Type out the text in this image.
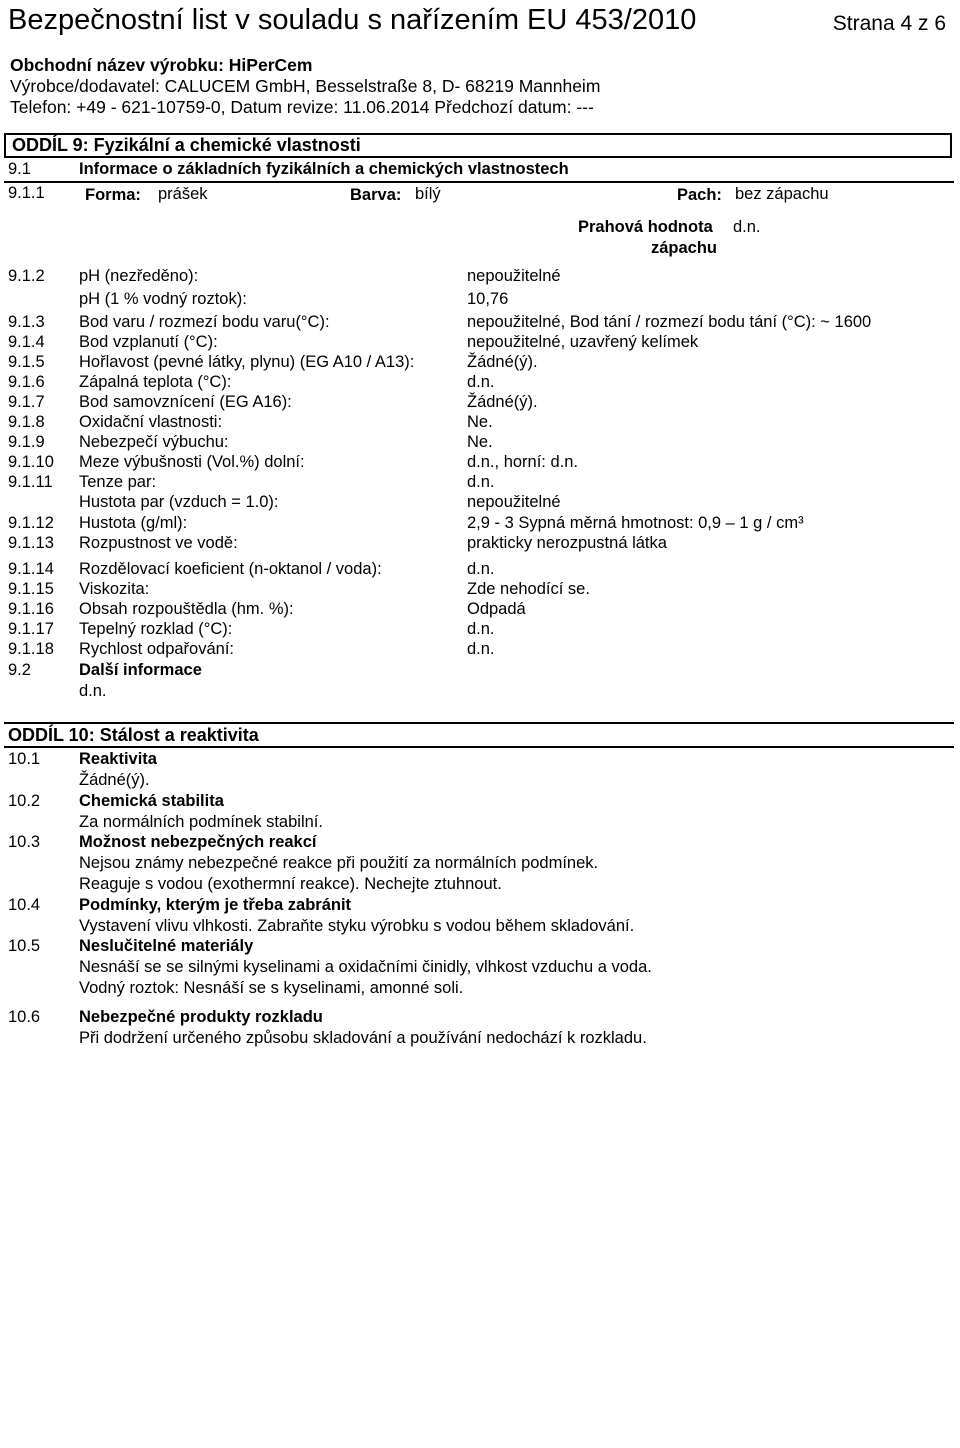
Bezpečnostní list v souladu s nařízením EU 453/2010	Strana 4 z 6
Obchodní název výrobku: HiPerCem
Výrobce/dodavatel: CALUCEM GmbH, Besselstraße 8, D- 68219 Mannheim
Telefon: +49 - 621-10759-0, Datum revize: 11.06.2014 Předchozí datum: ---
ODDÍL 9: Fyzikální a chemické vlastnosti
9.1	Informace o základních fyzikálních a chemických vlastnostech
9.1.1 Forma: prášek	Barva: bílý	Pach: bez zápachu
Prahová hodnota
zápachu
d.n.
9.1.2 pH (nezředěno):	nepoužitelné
pH (1 % vodný roztok):	10,76
9.1.3 Bod varu / rozmezí bodu varu(°C):	nepoužitelné, Bod tání / rozmezí bodu tání (°C): ~ 1600
9.1.4 Bod vzplanutí (°C):	nepoužitelné, uzavřený kelímek
9.1.5 Hořlavost (pevné látky, plynu) (EG A10 / A13):	Žádné(ý).
9.1.6 Zápalná teplota (°C):	d.n.
9.1.7 Bod samovznícení (EG A16):	Žádné(ý).
9.1.8 Oxidační vlastnosti:	Ne.
9.1.9 Nebezpečí výbuchu:	Ne.
9.1.10 Meze výbušnosti (Vol.%) dolní:	d.n., horní: d.n.
9.1.11 Tenze par:	d.n.
Hustota par (vzduch = 1.0):	nepoužitelné
9.1.12 Hustota (g/ml):	2,9 - 3 Sypná měrná hmotnost: 0,9 – 1 g / cm³
9.1.13 Rozpustnost ve vodě:	prakticky nerozpustná látka
9.1.14 Rozdělovací koeficient (n-oktanol / voda):	d.n.
9.1.15 Viskozita:	Zde nehodící se.
9.1.16 Obsah rozpouštědla (hm. %):	Odpadá
9.1.17 Tepelný rozklad (°C):	d.n.
9.1.18 Rychlost odpařování:	d.n.
9.2	Další informace
d.n.
ODDÍL 10: Stálost a reaktivita
10.1 Reaktivita
Žádné(ý).
10.2 Chemická stabilita
Za normálních podmínek stabilní.
10.3 Možnost nebezpečných reakcí
Nejsou známy nebezpečné reakce při použití za normálních podmínek.
Reaguje s vodou (exothermní reakce). Nechejte ztuhnout.
10.4 Podmínky, kterým je třeba zabránit
Vystavení vlivu vlhkosti. Zabraňte styku výrobku s vodou během skladování.
10.5 Neslučitelné materiály
Nesnáší se se silnými kyselinami a oxidačními činidly, vlhkost vzduchu a voda.
Vodný roztok: Nesnáší se s kyselinami, amonné soli.
10.6 Nebezpečné produkty rozkladu
Při dodržení určeného způsobu skladování a používání nedochází k rozkladu.
